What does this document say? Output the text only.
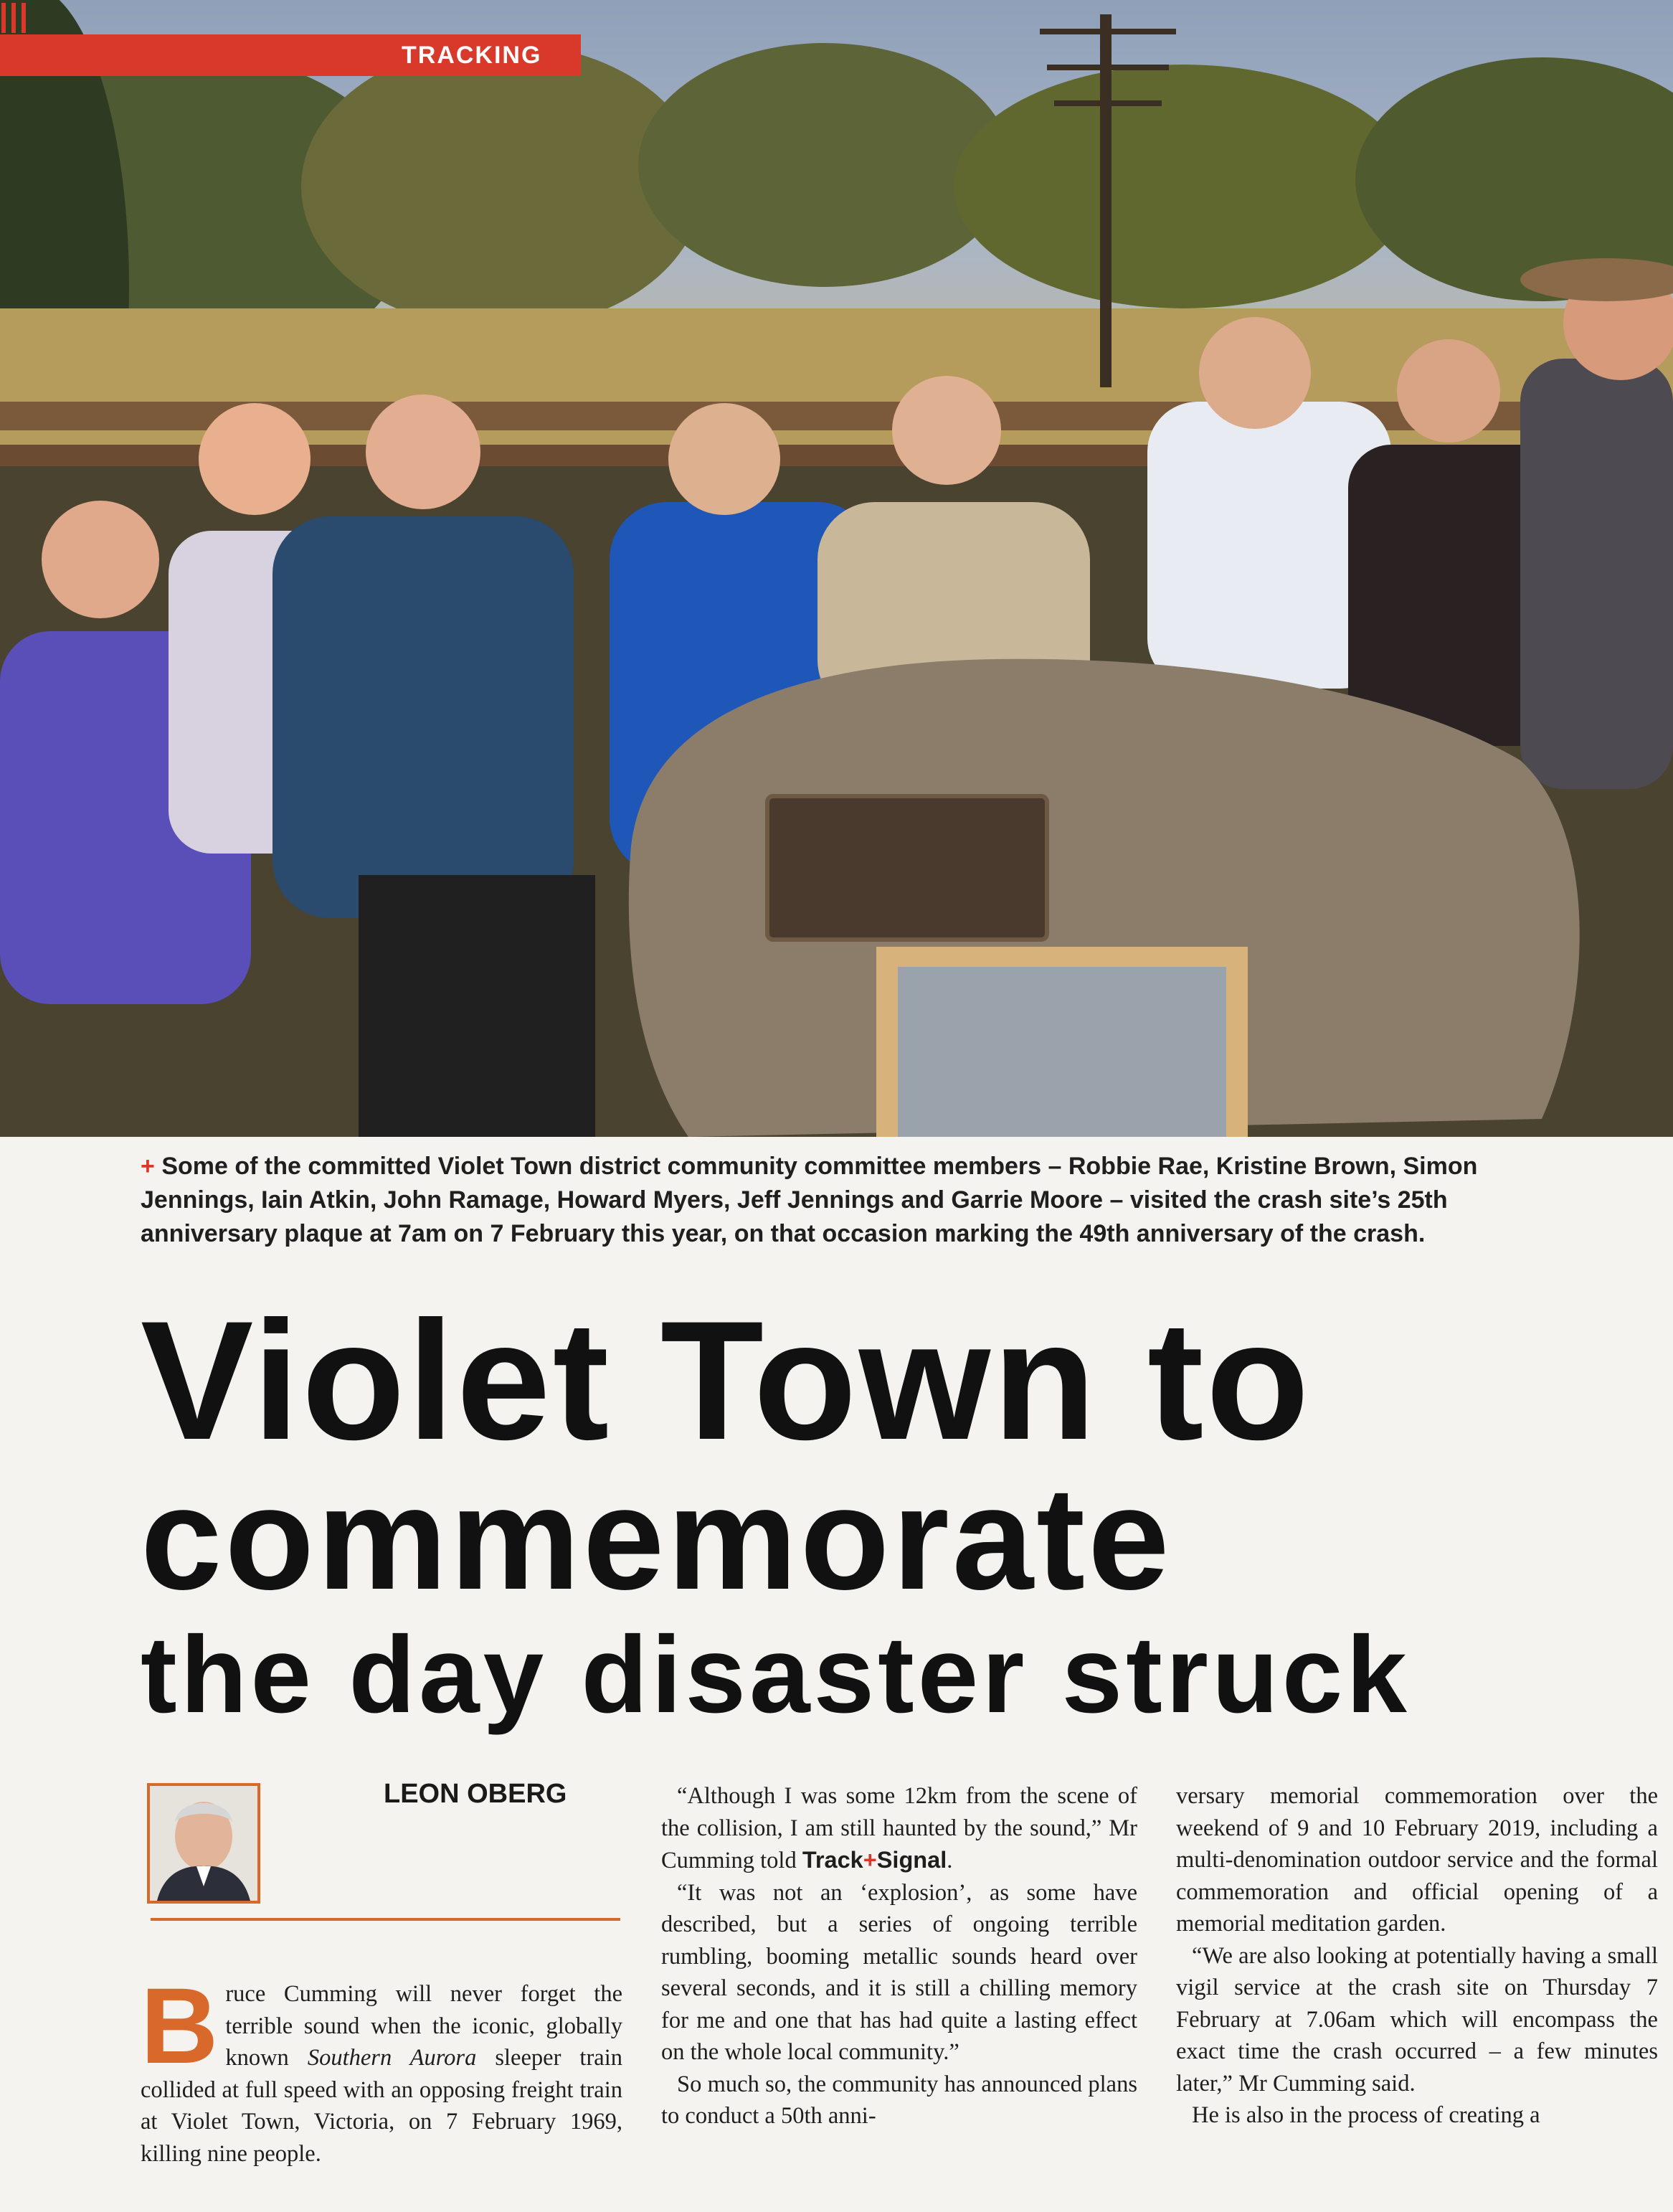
TRACKING
+ Some of the committed Violet Town district community committee members – Robbie Rae, Kristine Brown, Simon Jennings, Iain Atkin, John Ramage, Howard Myers, Jeff Jennings and Garrie Moore – visited the crash site’s 25th anniversary plaque at 7am on 7 February this year, on that occasion marking the 49th anniversary of the crash.
Violet Town to
commemorate
the day disaster struck
LEON OBERG

Bruce Cumming will never forget the terrible sound when the iconic, globally known Southern Aurora sleeper train collided at full speed with an opposing freight train at Violet Town, Victoria, on 7 February 1969, killing nine people.

“Although I was some 12km from the scene of the collision, I am still haunted by the sound,” Mr Cumming told Track+Signal.

“It was not an ‘explosion’, as some have described, but a series of ongoing terrible rumbling, booming metallic sounds heard over several seconds, and it is still a chilling memory for me and one that has had quite a lasting effect on the whole local community.”

So much so, the community has announced plans to conduct a 50th anni-

versary memorial commemoration over the weekend of 9 and 10 February 2019, including a multi-denomination outdoor service and the formal commemoration and official opening of a memorial meditation garden.

“We are also looking at potentially having a small vigil service at the crash site on Thursday 7 February at 7.06am which will encompass the exact time the crash occurred – a few minutes later,” Mr Cumming said.

He is also in the process of creating a
